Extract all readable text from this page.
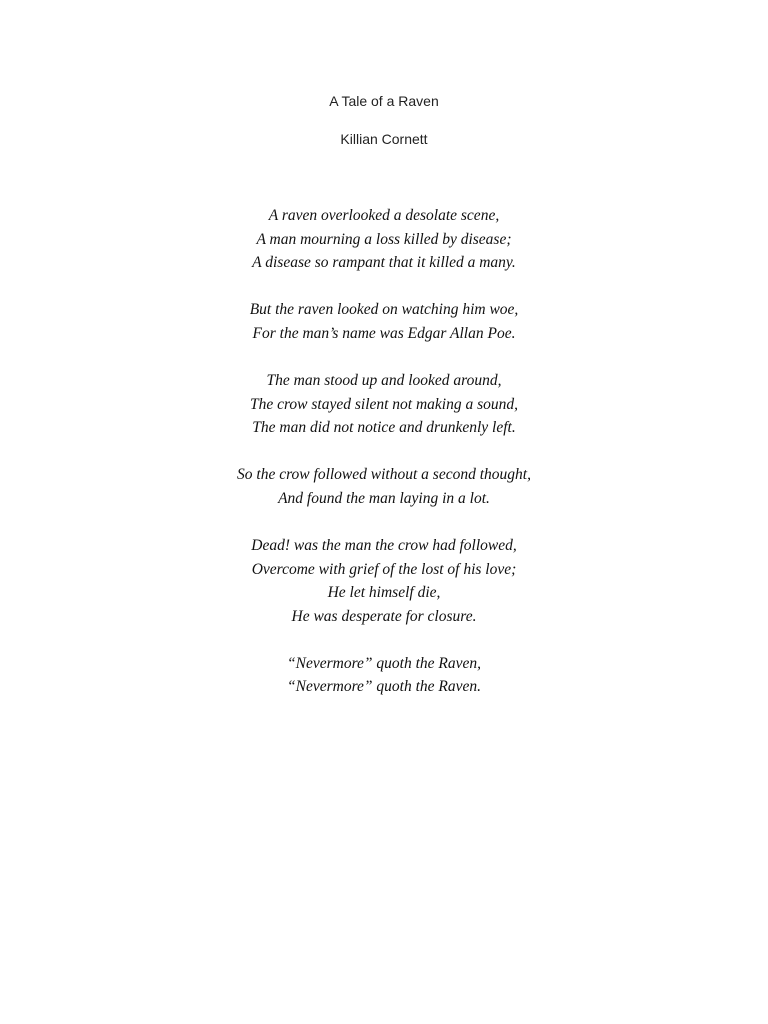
A Tale of a Raven
Killian Cornett
A raven overlooked a desolate scene,
A man mourning a loss killed by disease;
A disease so rampant that it killed a many.
But the raven looked on watching him woe,
For the man’s name was Edgar Allan Poe.
The man stood up and looked around,
The crow stayed silent not making a sound,
The man did not notice and drunkenly left.
So the crow followed without a second thought,
And found the man laying in a lot.
Dead! was the man the crow had followed,
Overcome with grief of the lost of his love;
He let himself die,
He was desperate for closure.
“Nevermore” quoth the Raven,
“Nevermore” quoth the Raven.
